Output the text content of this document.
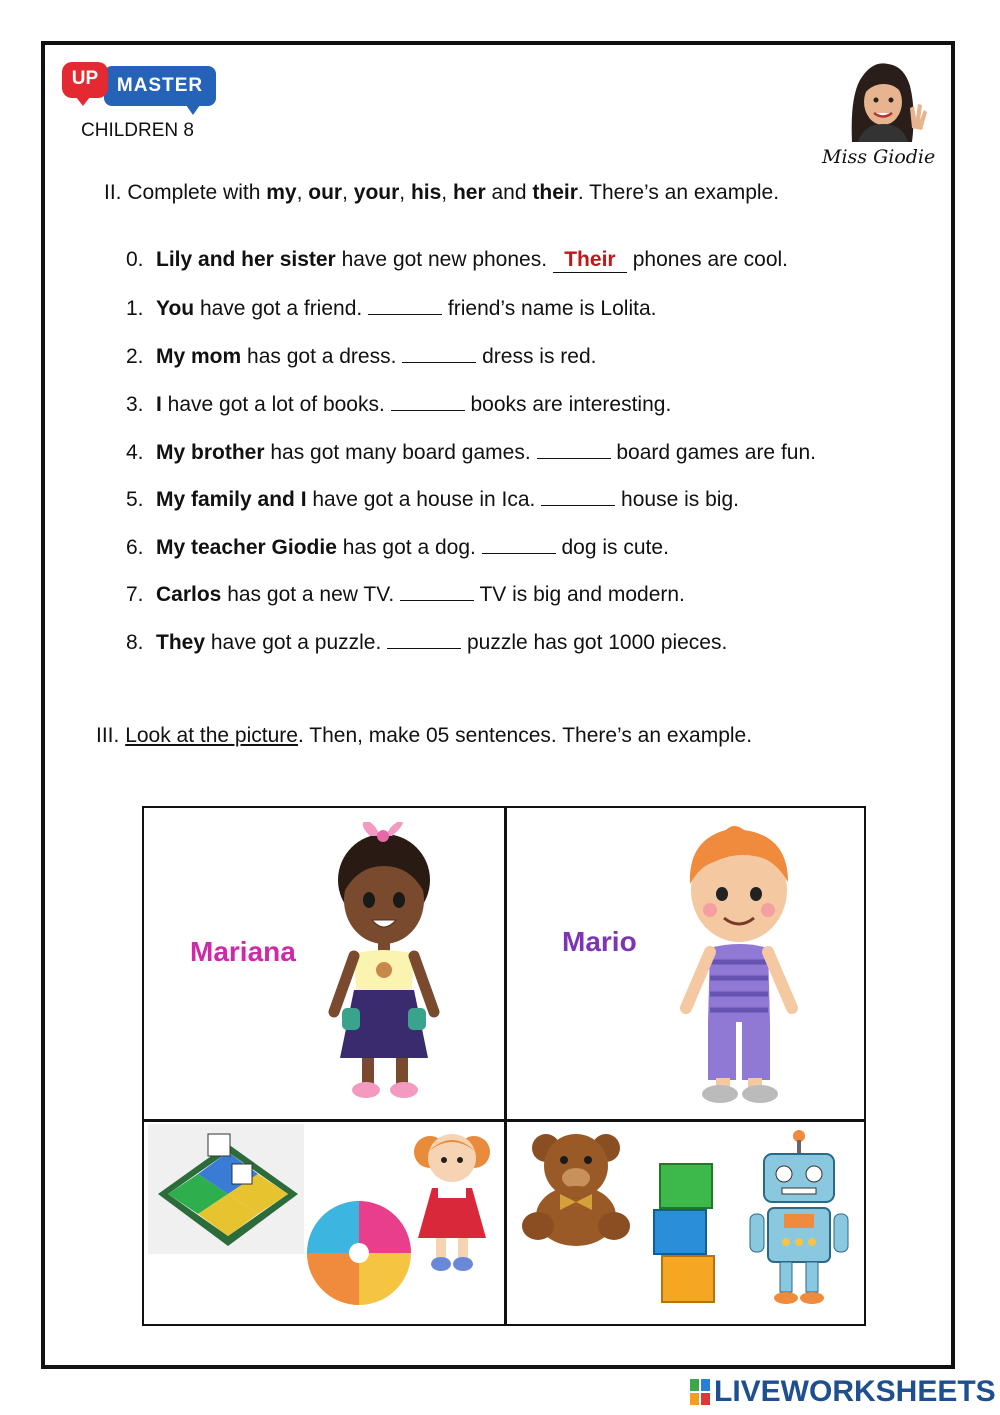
MASTER
UP
CHILDREN 8
Miss Giodie
II. Complete with my, our, your, his, her and their. There’s an example.
0. Lily and her sister have got new phones. Their phones are cool.
1. You have got a friend.	friend’s name is Lolita.
2. My mom has got a dress.	dress is red.
3. I have got a lot of books.	books are interesting.
4. My brother has got many board games.	board games are fun.
5. My family and I have got a house in Ica.	house is big.
6. My teacher Giodie has got a dog.	dog is cute.
7. Carlos has got a new TV.	TV is big and modern.
8. They have got a puzzle.	puzzle has got 1000 pieces.
III. Look at the picture. Then, make 05 sentences. There’s an example.
Mariana	Mario
LIVEWORKSHEETS
